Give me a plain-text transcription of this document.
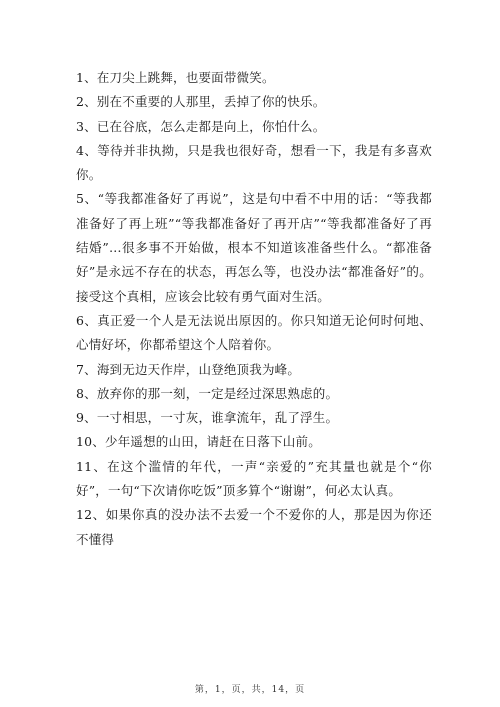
1、在刀尖上跳舞，也要面带微笑。

2、别在不重要的人那里，丢掉了你的快乐。

3、已在谷底，怎么走都是向上，你怕什么。

4、等待并非执拗，只是我也很好奇，想看一下，我是有多喜欢你。

5、“等我都准备好了再说”，这是句中看不中用的话：“等我都准备好了再上班”“等我都准备好了再开店”“等我都准备好了再结婚”…很多事不开始做，根本不知道该准备些什么。“都准备好”是永远不存在的状态，再怎么等，也没办法“都准备好”的。接受这个真相，应该会比较有勇气面对生活。

6、真正爱一个人是无法说出原因的。你只知道无论何时何地、心情好坏，你都希望这个人陪着你。

7、海到无边天作岸，山登绝顶我为峰。

8、放弃你的那一刻，一定是经过深思熟虑的。

9、一寸相思，一寸灰，谁拿流年，乱了浮生。

10、少年遥想的山田，请赶在日落下山前。

11、在这个滥情的年代，一声“亲爱的”充其量也就是个“你好”，一句“下次请你吃饭”顶多算个“谢谢”，何必太认真。

12、如果你真的没办法不去爱一个不爱你的人，那是因为你还不懂得

第，1，页，共，14，页
